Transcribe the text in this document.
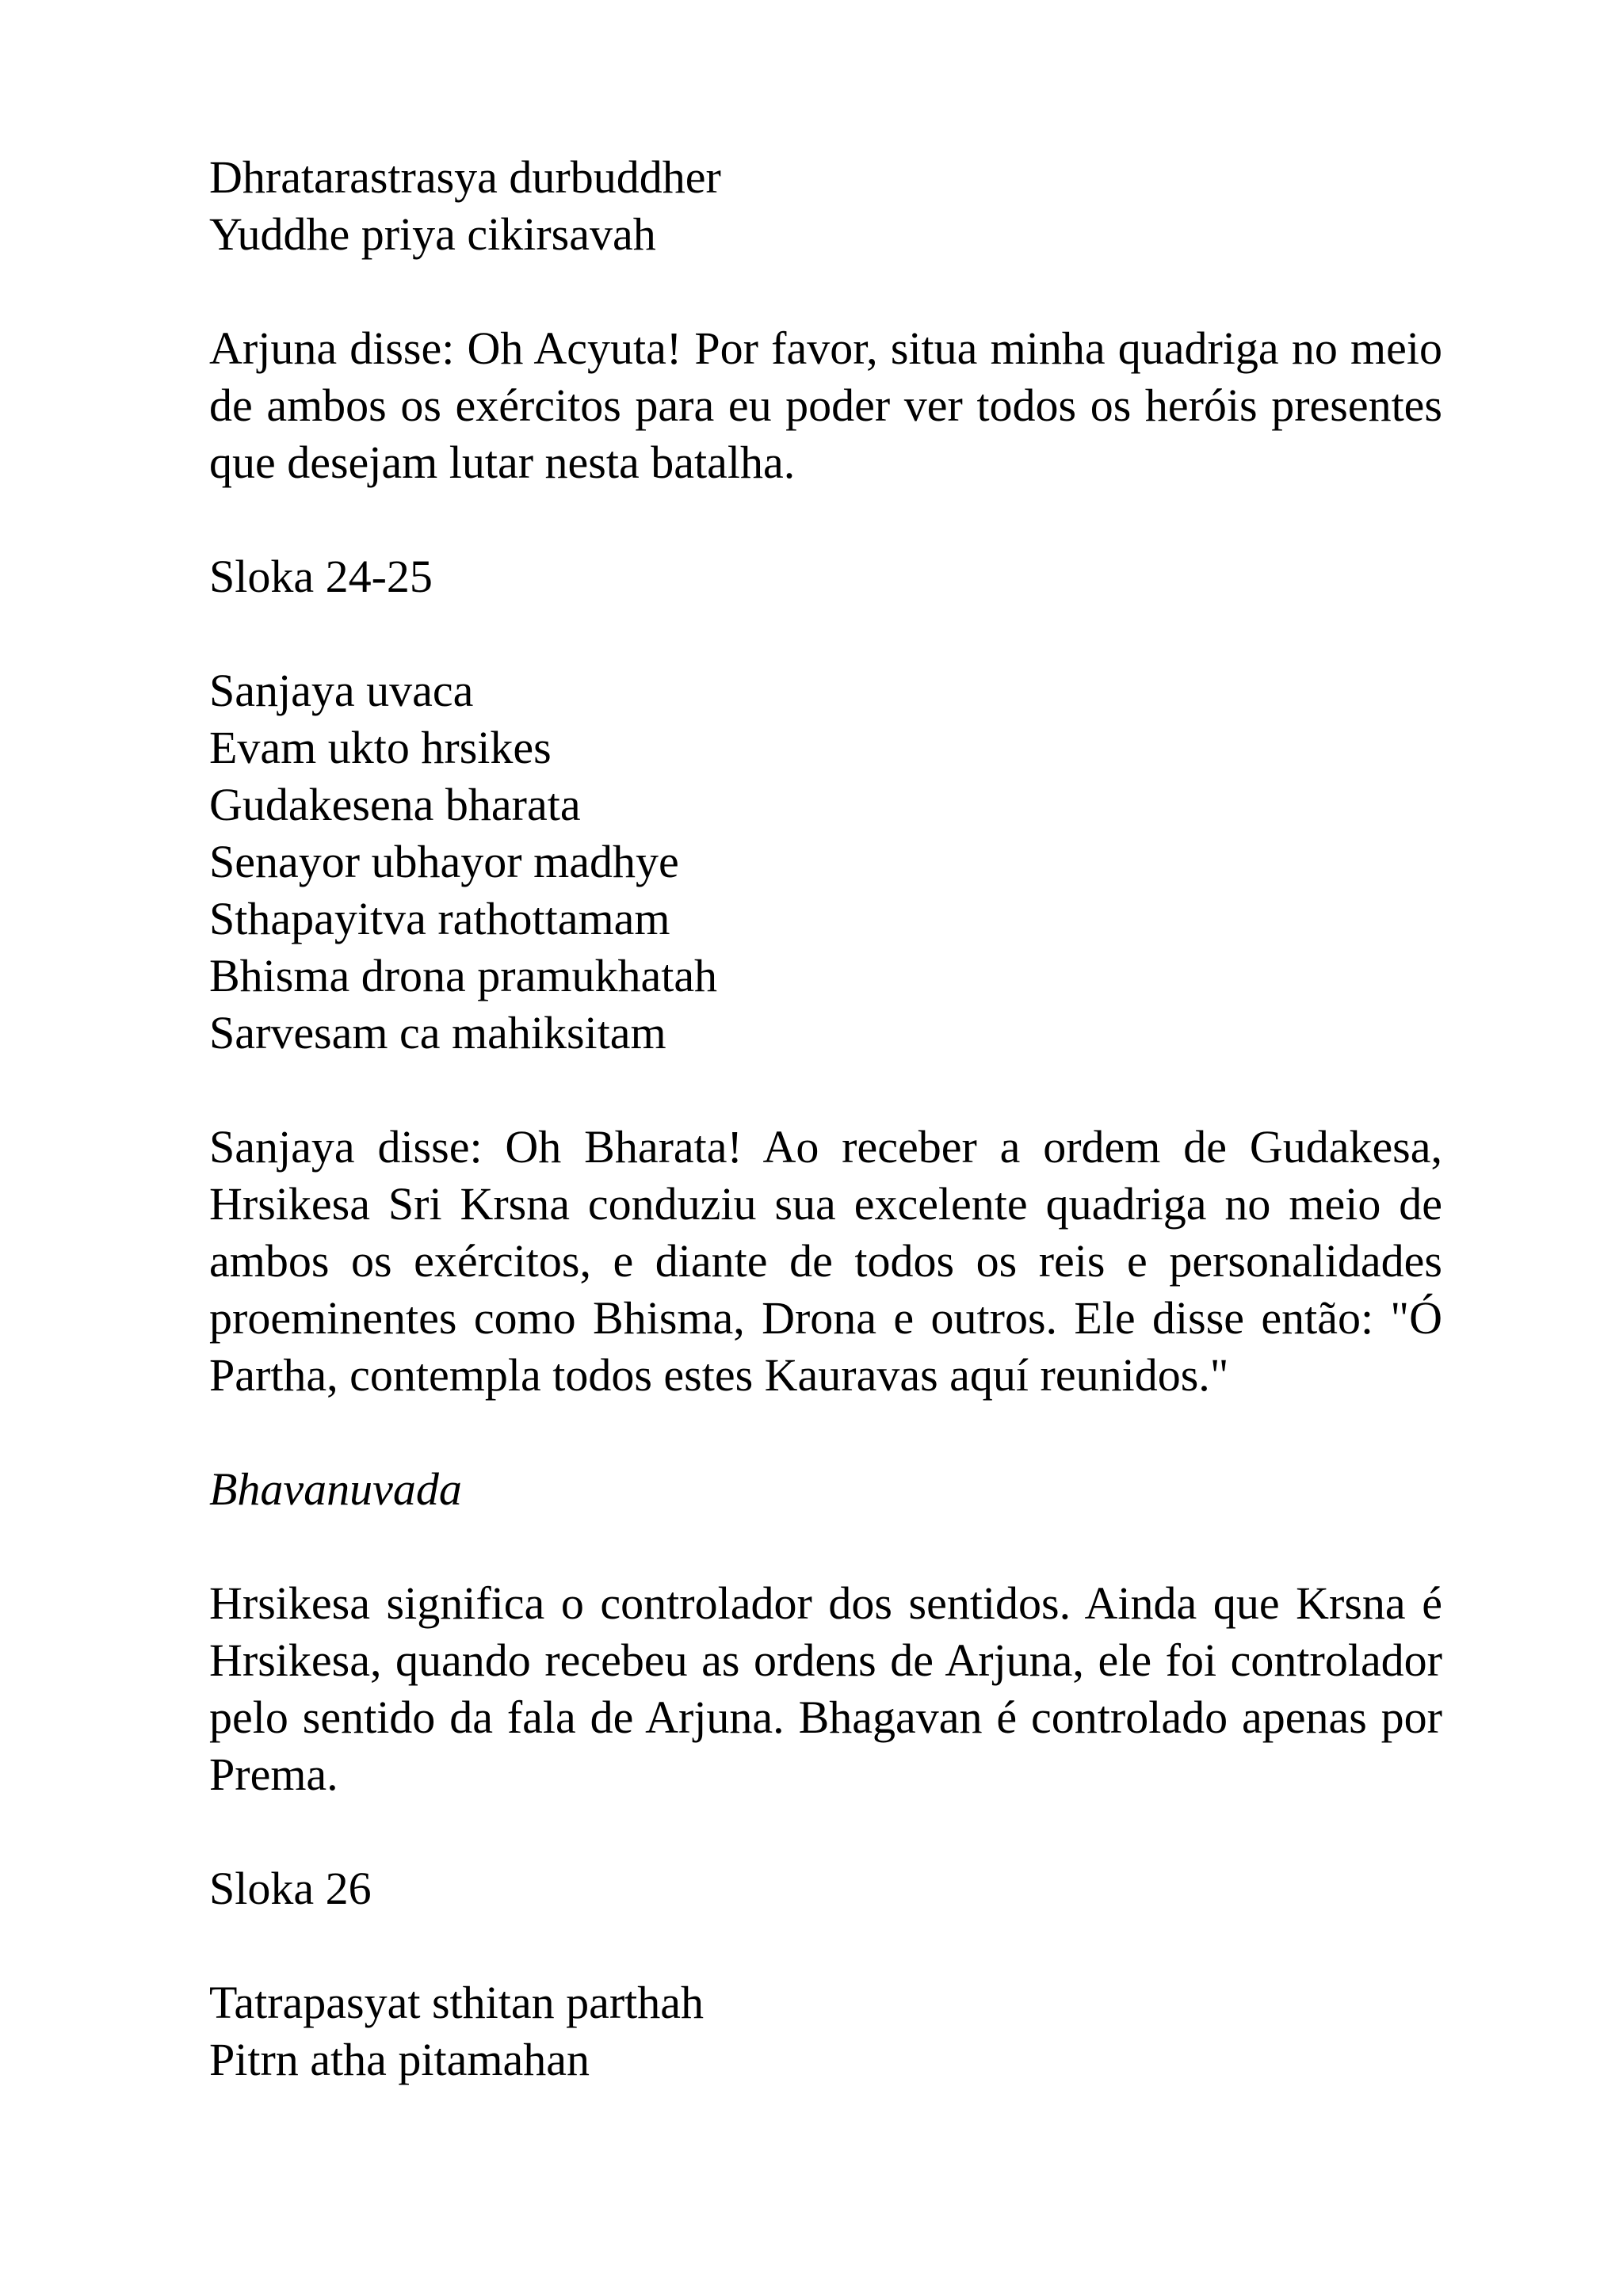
Dhratarastrasya durbuddher
Yuddhe priya cikirsavah

Arjuna disse: Oh Acyuta! Por favor, situa minha quadriga no meio de ambos os exércitos para eu poder ver todos os heróis presentes que desejam lutar nesta batalha.

Sloka 24-25
Sanjaya uvaca
Evam ukto hrsikes
Gudakesena bharata
Senayor ubhayor madhye
Sthapayitva rathottamam
Bhisma drona pramukhatah
Sarvesam ca mahiksitam

Sanjaya disse: Oh Bharata! Ao receber a ordem de Gudakesa, Hrsikesa Sri Krsna conduziu sua excelente quadriga no meio de ambos os exércitos, e diante de todos os reis e personalidades proeminentes como Bhisma, Drona e outros. Ele disse então: "Ó Partha, contempla todos estes Kauravas aquí reunidos."

Bhavanuvada

Hrsikesa significa o controlador dos sentidos. Ainda que Krsna é Hrsikesa, quando recebeu as ordens de Arjuna, ele foi controlador pelo sentido da fala de Arjuna. Bhagavan é controlado apenas por Prema.

Sloka 26
Tatrapasyat sthitan parthah
Pitrn atha pitamahan
